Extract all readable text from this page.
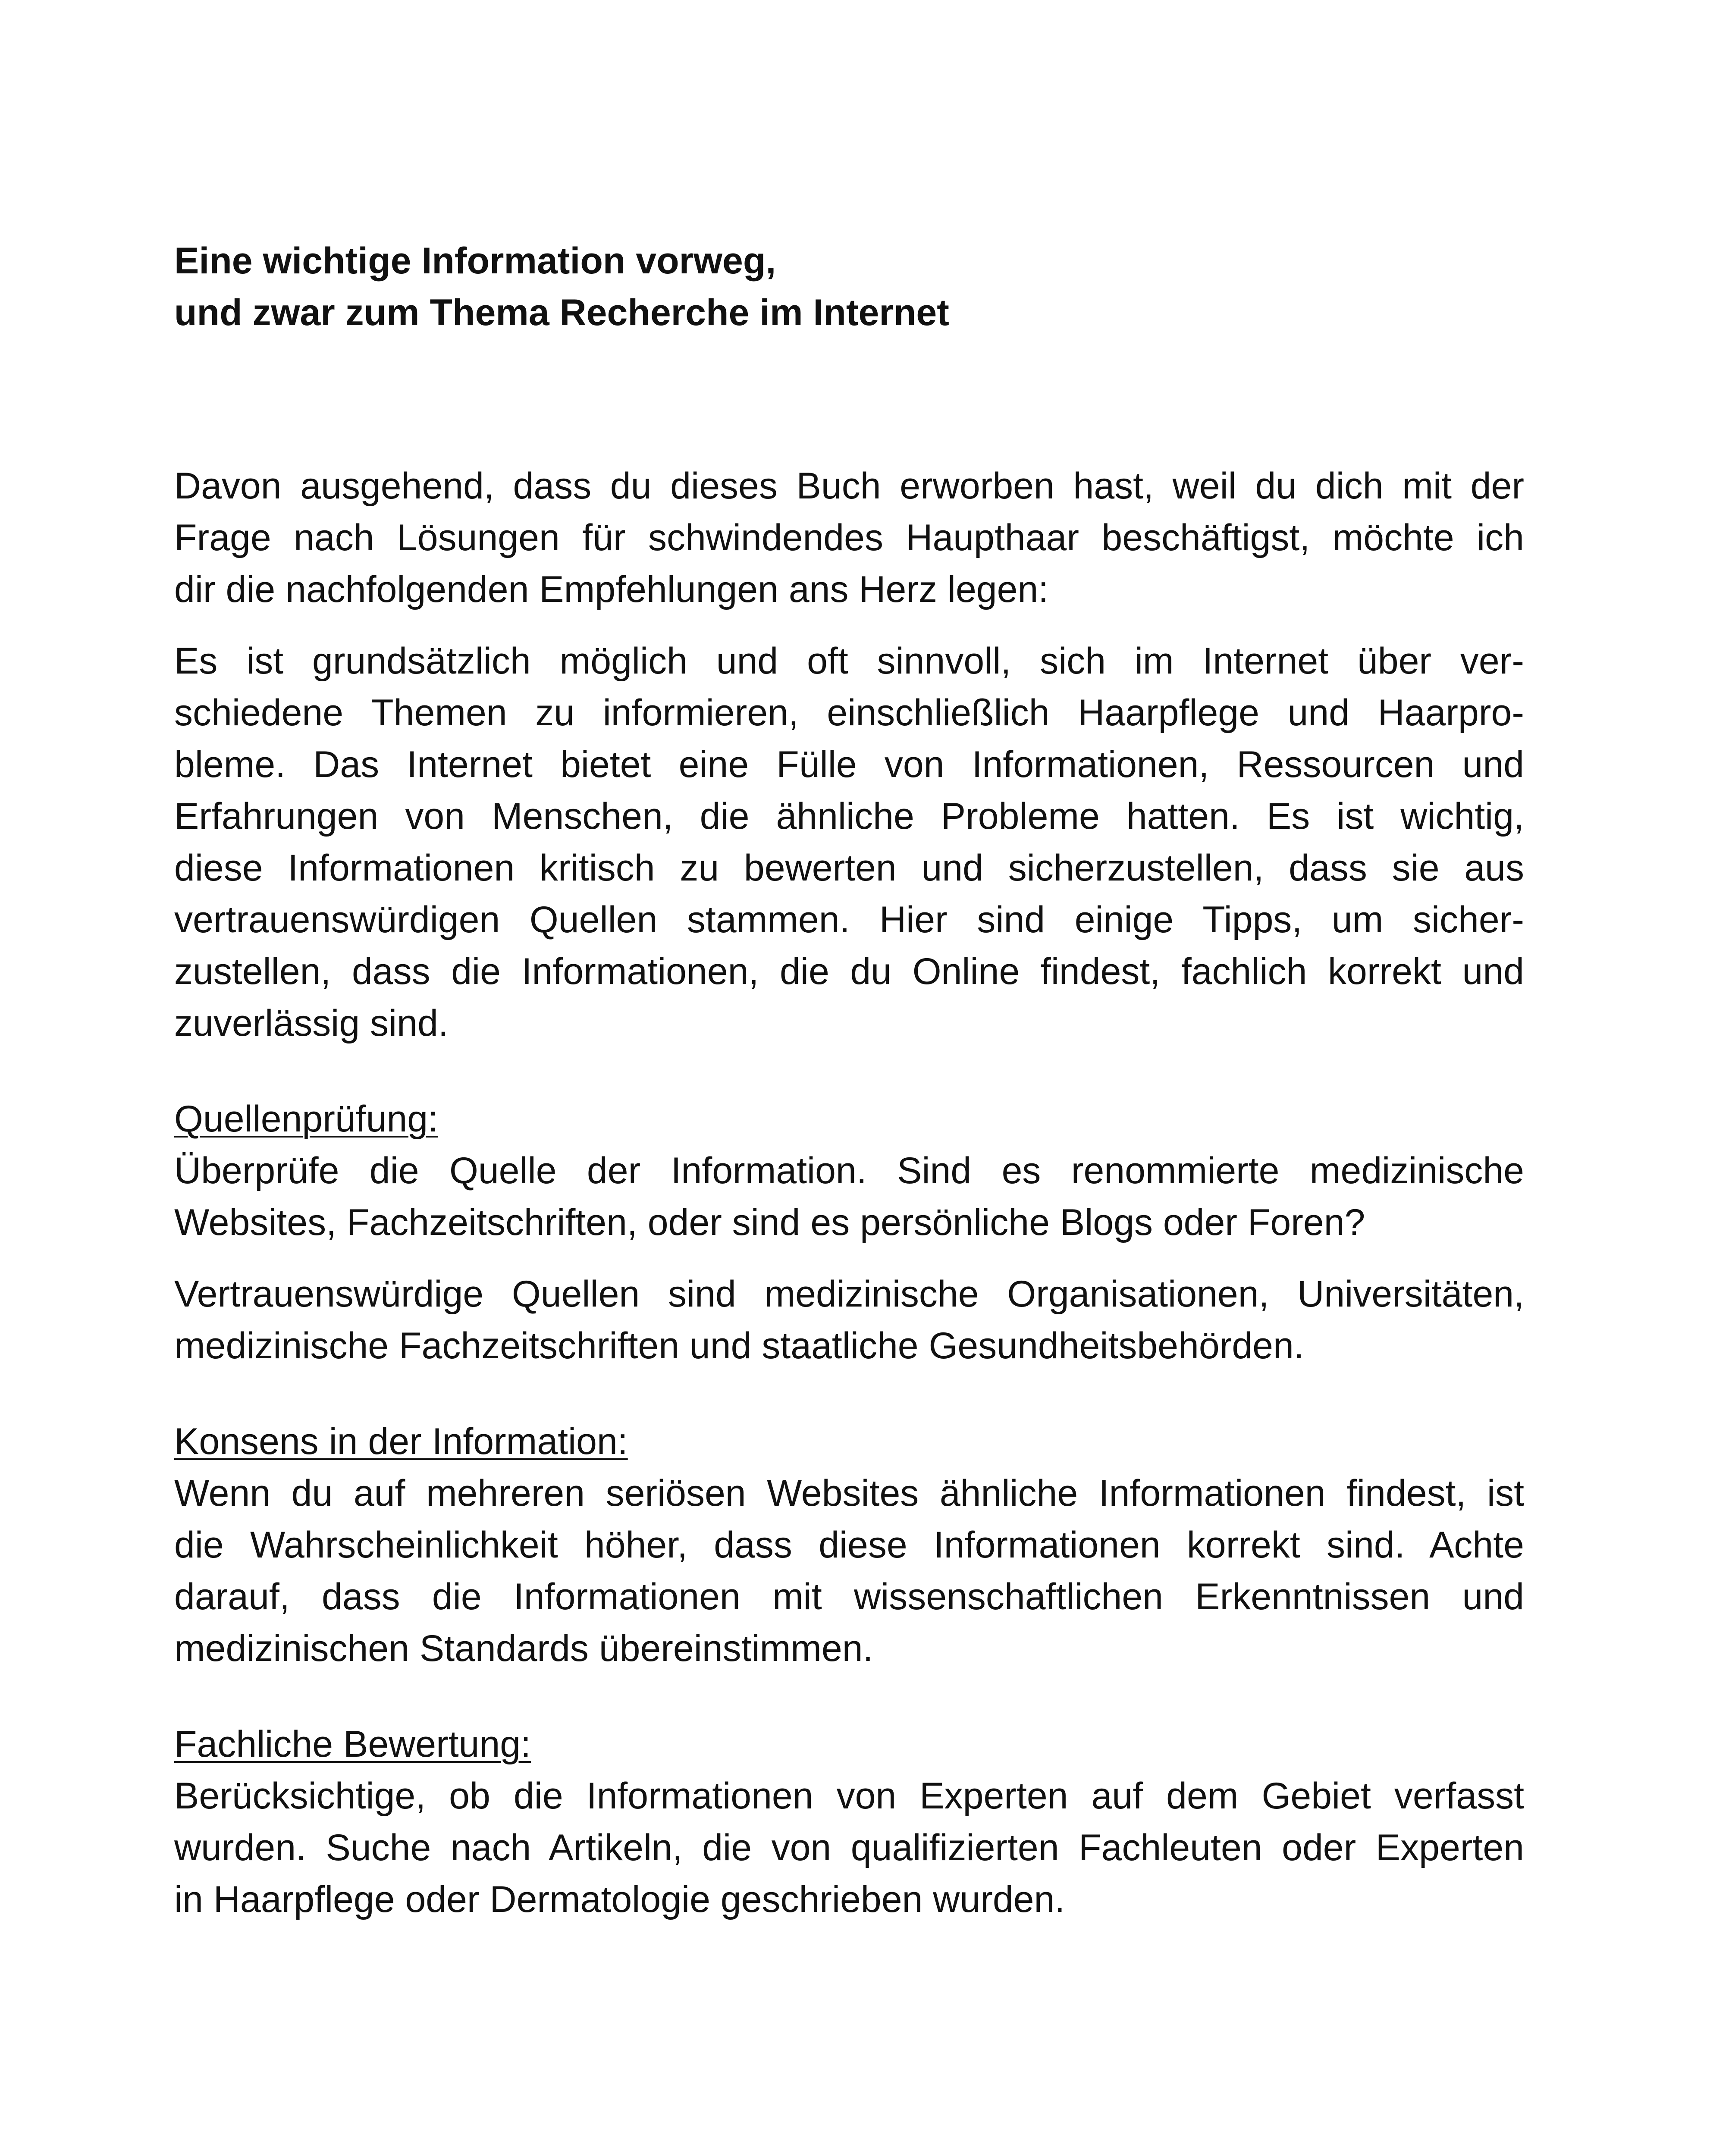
Eine wichtige Information vorweg,
und zwar zum Thema Recherche im Internet

Davon ausgehend, dass du dieses Buch erworben hast, weil du dich mit der
Frage nach Lösungen für schwindendes Haupthaar beschäftigst, möchte ich
dir die nachfolgenden Empfehlungen ans Herz legen:

Es ist grundsätzlich möglich und oft sinnvoll, sich im Internet über ver-
schiedene Themen zu informieren, einschließlich Haarpflege und Haarpro-
bleme. Das Internet bietet eine Fülle von Informationen, Ressourcen und
Erfahrungen von Menschen, die ähnliche Probleme hatten. Es ist wichtig,
diese Informationen kritisch zu bewerten und sicherzustellen, dass sie aus
vertrauenswürdigen Quellen stammen. Hier sind einige Tipps, um sicher-
zustellen, dass die Informationen, die du Online findest, fachlich korrekt und
zuverlässig sind.

Quellenprüfung:

Überprüfe die Quelle der Information. Sind es renommierte medizinische
Websites, Fachzeitschriften, oder sind es persönliche Blogs oder Foren?

Vertrauenswürdige Quellen sind medizinische Organisationen, Universitäten,
medizinische Fachzeitschriften und staatliche Gesundheitsbehörden.

Konsens in der Information:

Wenn du auf mehreren seriösen Websites ähnliche Informationen findest, ist
die Wahrscheinlichkeit höher, dass diese Informationen korrekt sind. Achte
darauf, dass die Informationen mit wissenschaftlichen Erkenntnissen und
medizinischen Standards übereinstimmen.

Fachliche Bewertung:

Berücksichtige, ob die Informationen von Experten auf dem Gebiet verfasst
wurden. Suche nach Artikeln, die von qualifizierten Fachleuten oder Experten
in Haarpflege oder Dermatologie geschrieben wurden.
